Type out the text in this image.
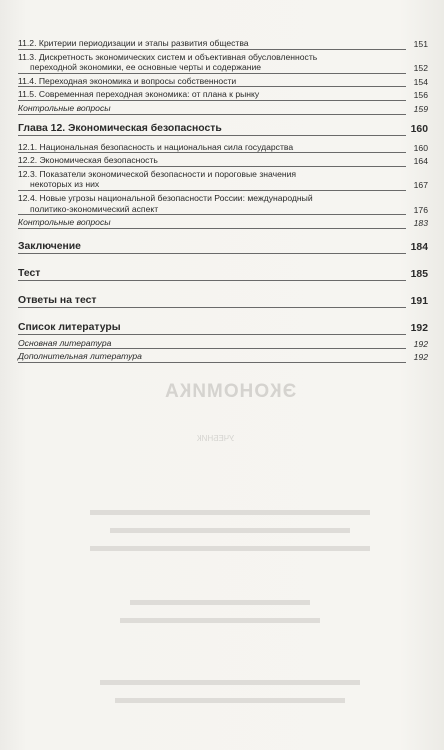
ЭКОНОМИКА
УЧЕБНИК
11.2. Критерии периодизации и этапы развития общества	151
11.3. Дискретность экономических систем и объективная обусловленность
переходной экономики, ее основные черты и содержание	152
11.4. Переходная экономика и вопросы собственности	154
11.5. Современная переходная экономика: от плана к рынку	156
Контрольные вопросы	159
Глава 12. Экономическая безопасность	160
12.1. Национальная безопасность и национальная сила государства	160
12.2. Экономическая безопасность	164
12.3. Показатели экономической безопасности и пороговые значения
некоторых из них	167
12.4. Новые угрозы национальной безопасности России: международный
политико-экономический аспект	176
Контрольные вопросы	183
Заключение	184
Тест	185
Ответы на тест	191
Список литературы	192
Основная литература	192
Дополнительная литература	192
